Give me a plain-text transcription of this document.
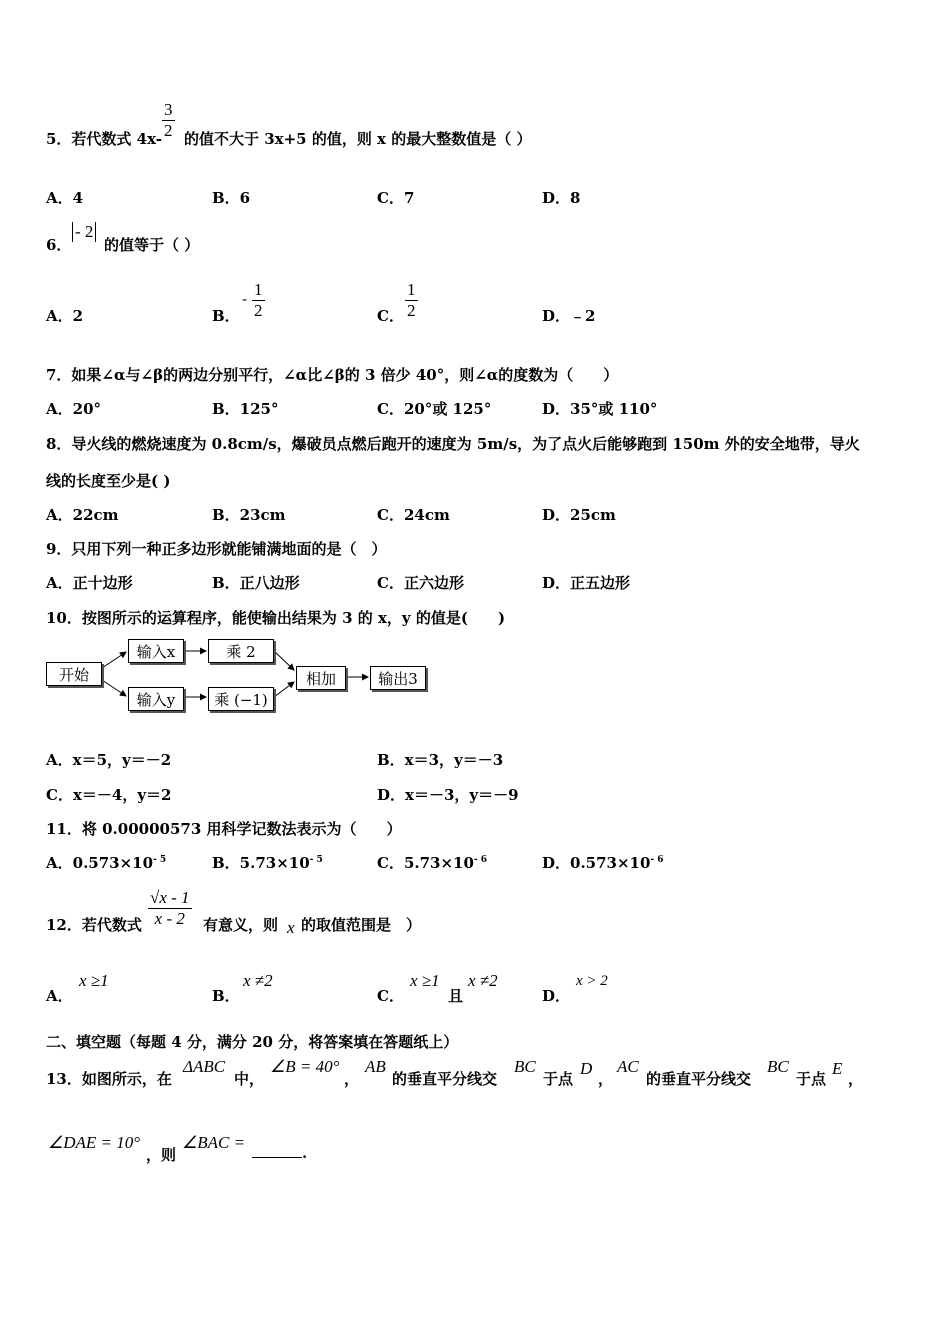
5．若代数式 $4x- \frac{3}{2}$ 的值不大于 3x+5 的值，则 x 的最大整数值是（ ）
A．4	B．6	C．7	D．8
6．
- 2
的值等于（ ）
A．2	B．
- $\frac{1}{2}$	C． $\frac{1}{2}$	D．﹣2
7．如果∠α与∠β的两边分别平行，∠α比∠β的 3 倍少 40°，则∠α的度数为（　　）
A．20°	B．125°	C．20°或 125°	D．35°或 110°
8．导火线的燃烧速度为 0.8cm/s，爆破员点燃后跑开的速度为 5m/s，为了点火后能够跑到 150m 外的安全地带，导火
线的长度至少是( )
A．22cm	B．23cm	C．24cm	D．25cm
9．只用下列一种正多边形就能铺满地面的是（　）
A．正十边形	B．正八边形	C．正六边形	D．正五边形
10．按图所示的运算程序，能使输出结果为 3 的 x，y 的值是(　　)
开始
输入x	乘 2
输入y	乘 (−1)
相加	输出3
A．x＝5，y＝－2	B．x＝3，y＝－3
C．x＝－4，y＝2	D．x＝－3，y＝－9
11．将 0.00000573 用科学记数法表示为（　　）
A．$0.573\times 10^{- 5}$	B．$5.73\times 10^{- 5}$	C．$5.73\times 10^{- 6}$	D．$0.573\times 10^{- 6}$
12．若代数式 $\frac{√x - 1}{x - 2}$ 有意义，则 x 的取值范围是　）
A．
x ≥1
B．
x ≠2
C．
x ≥1
且
x ≠2
D．
x > 2
二、填空题（每题 4 分，满分 20 分，将答案填在答题纸上）
13．如图所示，在
ΔABC
中，
∠B = 40°
，
AB
的垂直平分线交
BC
于点
D
，
AC
的垂直平分线交
BC
于点
E
，
∠DAE = 10°
，则
∠BAC =
.
